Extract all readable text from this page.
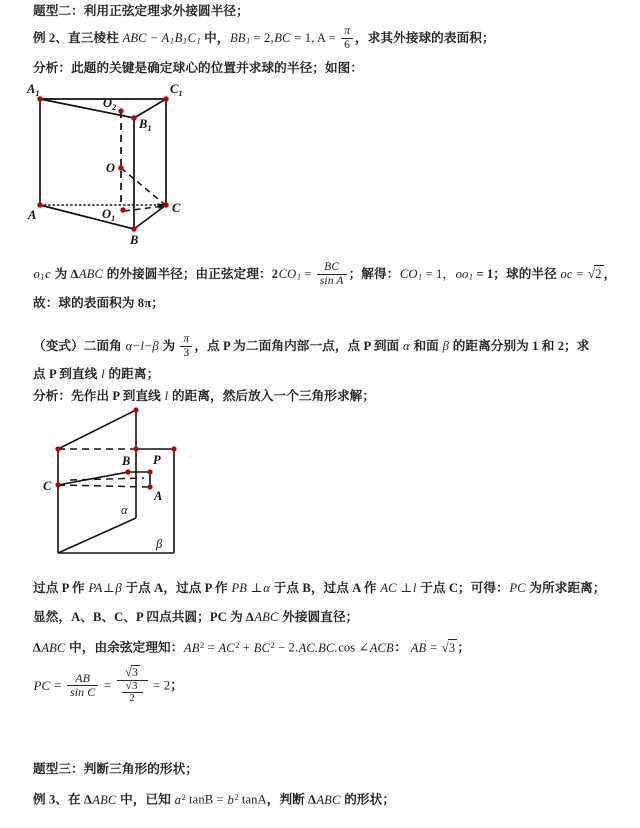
题型二：利用正弦定理求外接圆半径；
例 2、直三棱柱 ABC − $A_1B_1C_1$ 中，$BB_1 = 2,BC = 1$, $A = \frac{\pi}{6}$ ，求其外接球的表面积；
分析：此题的关键是确定球心的位置并求球的半径；如图：
$A_1$	$C_1$
$B_1$
$O_2$
O
$O_1$
A
B
C
$o_1c$ 为 ∆ABC 的外接圆半径；由正弦定理：$2CO_1 = \frac{BC}{\text{sin A}}$ ；解得：$CO_1 = 1$，$oo_1 = 1$；球的半径 oc = √2 ，
故：球的表面积为 8π；
（变式）二面角 α−l−β 为 $\frac{\pi}{3}$ ，点 P 为二面角内部一点，点 P 到面 α 和面 β 的距离分别为 1 和 2；求
点 P 到直线 l 的距离；
分析：先作出 P 到直线 l 的距离，然后放入一个三角形求解；
B P
C
A
α
β
过点 P 作 PA⊥β 于点 A，过点 P 作 PB ⊥α 于点 B，过点 A 作 AC ⊥l 于点 C；可得：PC 为所求距离；
显然，A、B、C、P 四点共圆；PC 为 ∆ABC 外接圆直径；
∆ABC 中，由余弦定理知：$AB^2 = AC^2 + BC^2 - 2.AC.BC.\cos$ ∠ACB： AB = √3 ；
PC = $\frac{AB}{\text{sin C}} = \frac{√3}{\frac{√3}{2}} = 2$；
题型三：判断三角形的形状；
例 3、在 ∆ABC 中，已知 $a^2$ $\tan B = b^2$ tanA，判断 ∆ABC 的形状；
